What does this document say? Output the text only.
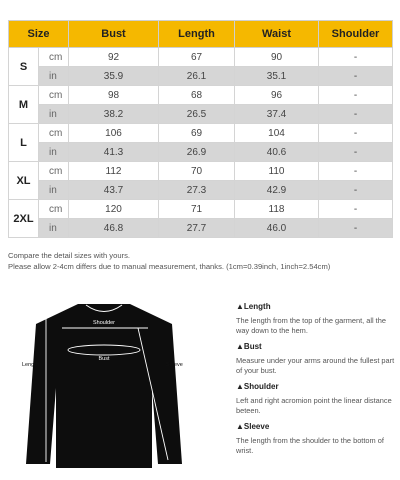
Size		Bust	Length	Waist	Shoulder
S	cm	92	67	90	-
	in	35.9	26.1	35.1	-
M	cm	98	68	96	-
	in	38.2	26.5	37.4	-
L	cm	106	69	104	-
	in	41.3	26.9	40.6	-
XL	cm	112	70	110	-
	in	43.7	27.3	42.9	-
2XL	cm	120	71	118	-
	in	46.8	27.7	46.0	-
Compare the detail sizes with yours.
Please allow 2-4cm differs due to manual measurement, thanks. (1cm=0.39inch, 1inch=2.54cm)
Shoulder
Bust
Length	Sleeve
▲Length
The length from the top of the garment, all the way down to the hem.
▲Bust
Measure under your arms around the fullest part of your bust.
▲Shoulder
Left and right acromion point the linear distance beteen.
▲Sleeve
The length from the shoulder to the bottom of wrist.
